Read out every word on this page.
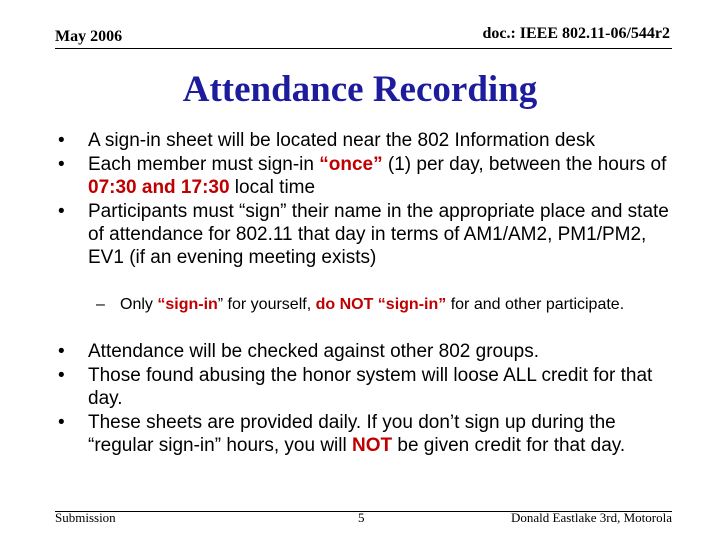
May 2006	doc.: IEEE 802.11-06/544r2
Attendance Recording
• A sign-in sheet will be located near the 802 Information desk
• Each member must sign-in “once” (1) per day, between the hours of 07:30 and 17:30 local time
• Participants must “sign” their name in the appropriate place and state of attendance for 802.11 that day in terms of AM1/AM2, PM1/PM2, EV1 (if an evening meeting exists)
– Only “sign-in” for yourself, do NOT “sign-in” for and other participate.
• Attendance will be checked against other 802 groups.
• Those found abusing the honor system will loose ALL credit for that day.
• These sheets are provided daily. If you don’t sign up during the “regular sign-in” hours, you will NOT be given credit for that day.
Submission	5	Donald Eastlake 3rd, Motorola
